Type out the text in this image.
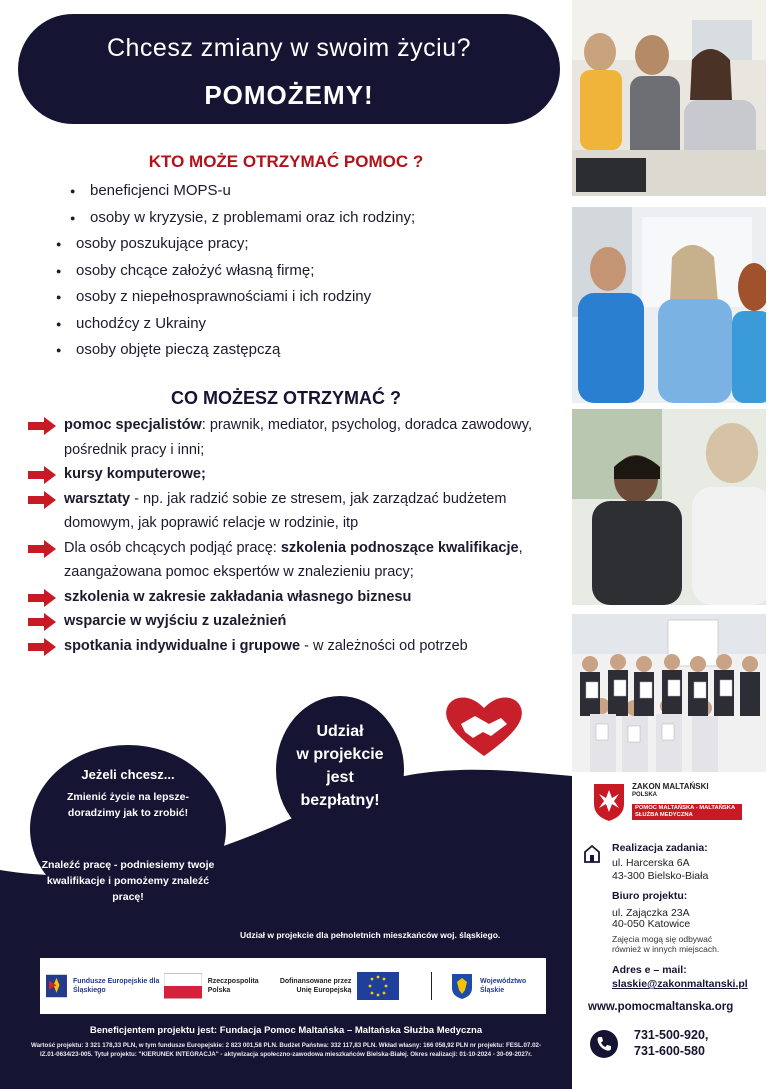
Chcesz zmiany w swoim życiu?
POMOŻEMY!
KTO MOŻE OTRZYMAĆ POMOC ?
● beneficjenci MOPS-u
● osoby w kryzysie, z problemami oraz ich rodziny;
● osoby poszukujące pracy;
● osoby chcące założyć własną firmę;
● osoby z niepełnosprawnościami i ich rodziny
● uchodźcy z Ukrainy
● osoby objęte pieczą zastępczą
CO MOŻESZ OTRZYMAĆ ?
pomoc specjalistów: prawnik, mediator, psycholog, doradca zawodowy, pośrednik pracy i inni;
kursy komputerowe;
warsztaty - np. jak radzić sobie ze stresem, jak zarządzać budżetem domowym, jak poprawić relacje w rodzinie, itp
Dla osób chcących podjąć pracę: szkolenia podnoszące kwalifikacje, zaangażowana pomoc ekspertów w znalezieniu pracy;
szkolenia w zakresie zakładania własnego biznesu
wsparcie w wyjściu z uzależnień
spotkania indywidualne i grupowe - w zależności od potrzeb
Udział
w projekcie
jest
bezpłatny!
Jeżeli chcesz...
Zmienić życie na lepsze- doradzimy jak to zrobić!
Znaleźć pracę - podniesiemy twoje kwalifikacje i pomożemy znaleźć pracę!
Udział w projekcie dla pełnoletnich mieszkańców woj. śląskiego.
Fundusze Europejskie dla Śląskiego
Rzeczpospolita Polska
Dofinansowane przez Unię Europejską
Województwo Śląskie
Beneficjentem projektu jest: Fundacja Pomoc Maltańska – Maltańska Służba Medyczna
Wartość projektu: 3 321 178,33 PLN, w tym fundusze Europejskie: 2 823 001,58 PLN. Budżet Państwa: 332 117,83 PLN. Wkład własny: 166 058,92 PLN nr projektu: FESL.07.02-IZ.01-0634/23-005. Tytuł projektu: "KIERUNEK INTEGRACJA" - aktywizacja społeczno-zawodowa mieszkańców Bielska-Białej. Okres realizacji: 01-10-2024 - 30-09-2027r.
ZAKON MALTAŃSKI
POLSKA
POMOC MALTAŃSKA - MALTAŃSKA SŁUŻBA MEDYCZNA
Realizacja zadania:
ul. Harcerska 6A
43-300 Bielsko-Biała
Biuro projektu:
ul. Zajączka 23A
40-050 Katowice
Zajęcia mogą się odbywać również w innych miejscach.
Adres e – mail:
slaskie@zakonmaltanski.pl
www.pomocmaltanska.org
731-500-920,
731-600-580
